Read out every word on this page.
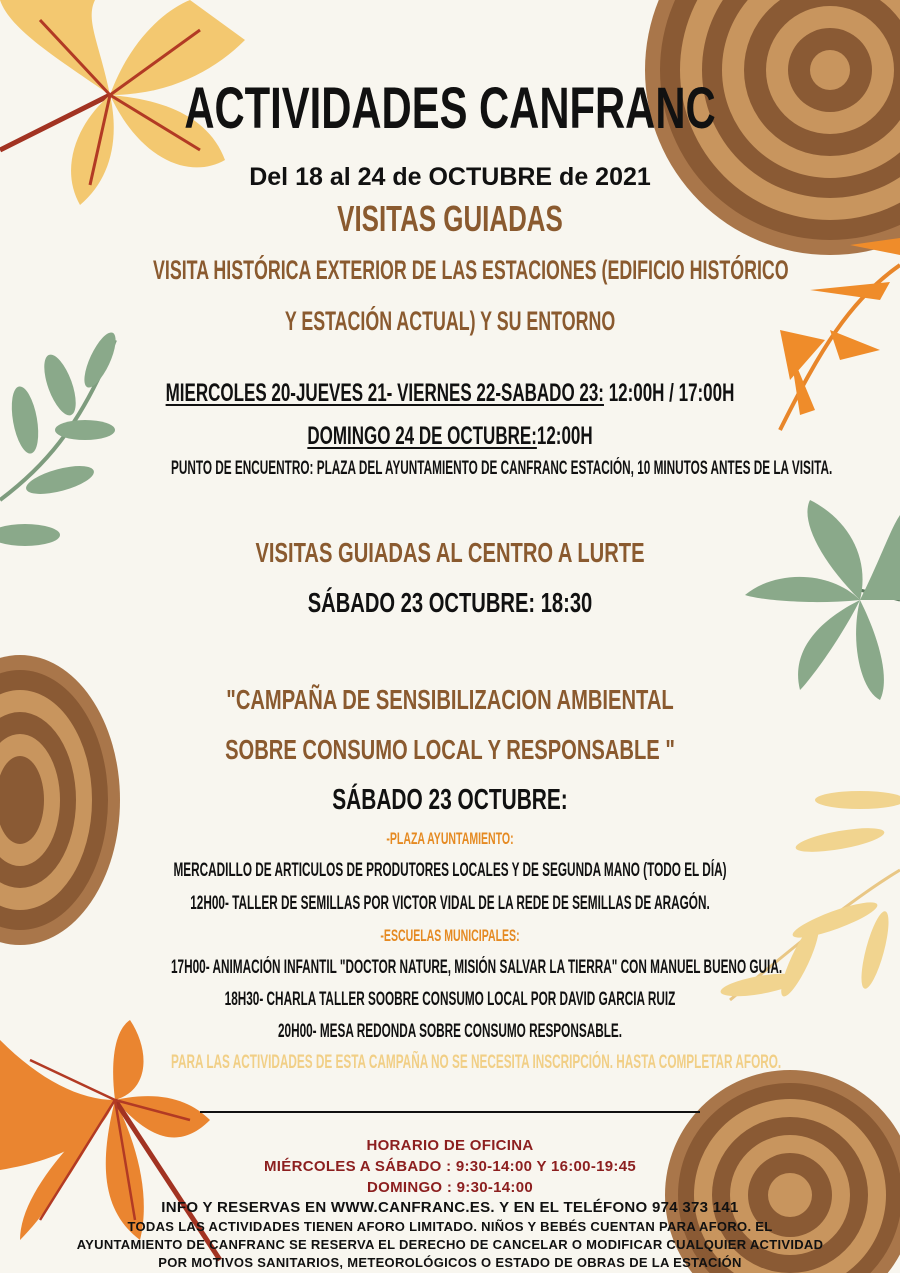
ACTIVIDADES CANFRANC

Del 18 al 24 de OCTUBRE de 2021

VISITAS GUIADAS

VISITA HISTÓRICA EXTERIOR DE LAS ESTACIONES (EDIFICIO HISTÓRICO

Y ESTACIÓN ACTUAL) Y SU ENTORNO

MIERCOLES 20-JUEVES 21- VIERNES 22-SABADO 23: 12:00H / 17:00H

DOMINGO 24 DE OCTUBRE:12:00H

PUNTO DE ENCUENTRO: PLAZA DEL AYUNTAMIENTO DE CANFRANC ESTACIÓN, 10 MINUTOS ANTES DE LA VISITA.

VISITAS GUIADAS AL CENTRO A LURTE

SÁBADO 23 OCTUBRE: 18:30

"CAMPAÑA DE SENSIBILIZACION AMBIENTAL

SOBRE CONSUMO LOCAL Y RESPONSABLE "

SÁBADO 23 OCTUBRE:

-PLAZA AYUNTAMIENTO:

MERCADILLO DE ARTICULOS DE PRODUTORES LOCALES Y DE SEGUNDA MANO (TODO EL DÍA)

12H00- TALLER DE SEMILLAS POR VICTOR VIDAL DE LA REDE DE SEMILLAS DE ARAGÓN.

-ESCUELAS MUNICIPALES:

17H00- ANIMACIÓN INFANTIL "DOCTOR NATURE, MISIÓN SALVAR LA TIERRA" CON MANUEL BUENO GUIA.

18H30- CHARLA TALLER SOOBRE CONSUMO LOCAL POR DAVID GARCIA RUIZ

20H00- MESA REDONDA SOBRE CONSUMO RESPONSABLE.

PARA LAS ACTIVIDADES DE ESTA CAMPAÑA NO SE NECESITA INSCRIPCIÓN. HASTA COMPLETAR AFORO.

HORARIO DE OFICINA

MIÉRCOLES A SÁBADO : 9:30-14:00 Y 16:00-19:45

DOMINGO : 9:30-14:00

INFO Y RESERVAS EN WWW.CANFRANC.ES. Y EN EL TELÉFONO 974 373 141

TODAS LAS ACTIVIDADES TIENEN AFORO LIMITADO. NIÑOS Y BEBÉS CUENTAN PARA AFORO. EL

AYUNTAMIENTO DE CANFRANC SE RESERVA EL DERECHO DE CANCELAR O MODIFICAR CUALQUIER ACTIVIDAD

POR MOTIVOS SANITARIOS, METEOROLÓGICOS O ESTADO DE OBRAS DE LA ESTACIÓN
